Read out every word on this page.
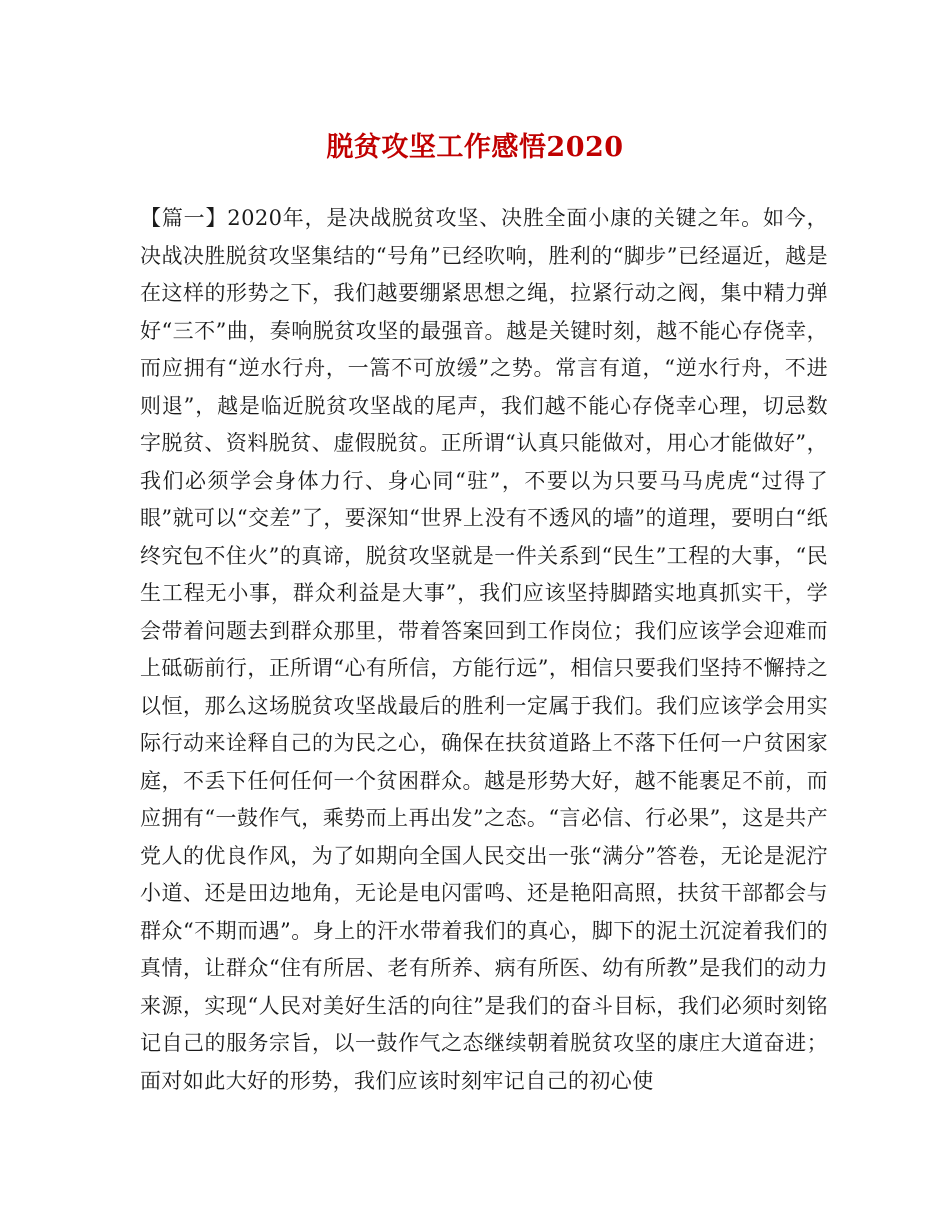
脱贫攻坚工作感悟2020

【篇一】2020年，是决战脱贫攻坚、决胜全面小康的关键之年。如今，决战决胜脱贫攻坚集结的“号角”已经吹响，胜利的“脚步”已经逼近，越是在这样的形势之下，我们越要绷紧思想之绳，拉紧行动之阀，集中精力弹好“三不”曲，奏响脱贫攻坚的最强音。越是关键时刻，越不能心存侥幸，而应拥有“逆水行舟，一篙不可放缓”之势。常言有道，“逆水行舟，不进则退”，越是临近脱贫攻坚战的尾声，我们越不能心存侥幸心理，切忌数字脱贫、资料脱贫、虚假脱贫。正所谓“认真只能做对，用心才能做好”，我们必须学会身体力行、身心同“驻”，不要以为只要马马虎虎“过得了眼”就可以“交差”了，要深知“世界上没有不透风的墙”的道理，要明白“纸终究包不住火”的真谛，脱贫攻坚就是一件关系到“民生”工程的大事，“民生工程无小事，群众利益是大事”，我们应该坚持脚踏实地真抓实干，学会带着问题去到群众那里，带着答案回到工作岗位；我们应该学会迎难而上砥砺前行，正所谓“心有所信，方能行远”，相信只要我们坚持不懈持之以恒，那么这场脱贫攻坚战最后的胜利一定属于我们。我们应该学会用实际行动来诠释自己的为民之心，确保在扶贫道路上不落下任何一户贫困家庭，不丢下任何任何一个贫困群众。越是形势大好，越不能裹足不前，而应拥有“一鼓作气，乘势而上再出发”之态。“言必信、行必果”，这是共产党人的优良作风，为了如期向全国人民交出一张“满分”答卷，无论是泥泞小道、还是田边地角，无论是电闪雷鸣、还是艳阳高照，扶贫干部都会与群众“不期而遇”。身上的汗水带着我们的真心，脚下的泥土沉淀着我们的真情，让群众“住有所居、老有所养、病有所医、幼有所教”是我们的动力来源，实现“人民对美好生活的向往”是我们的奋斗目标，我们必须时刻铭记自己的服务宗旨，以一鼓作气之态继续朝着脱贫攻坚的康庄大道奋进；面对如此大好的形势，我们应该时刻牢记自己的初心使
